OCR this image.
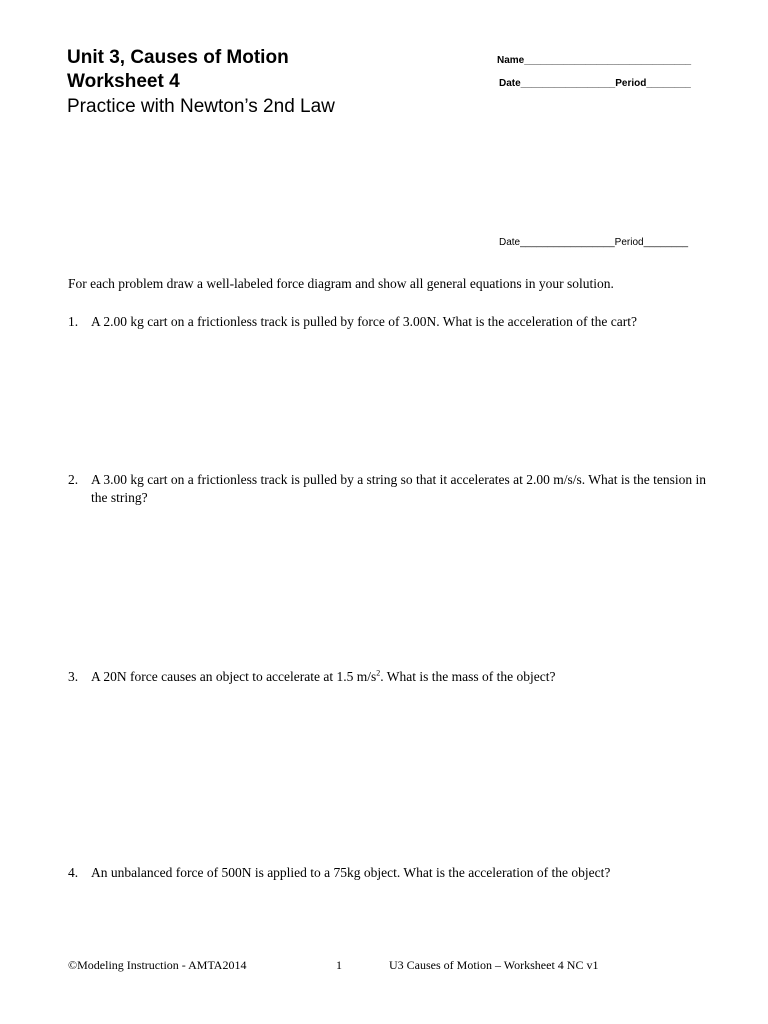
Unit 3, Causes of Motion
Worksheet 4
Practice with Newton’s 2nd Law
Name______________________________
Date_________________Period________
Date_________________Period________
For each problem draw a well-labeled force diagram and show all general equations in your solution.
1. A 2.00 kg cart on a frictionless track is pulled by force of 3.00N. What is the acceleration of the cart?
2. A 3.00 kg cart on a frictionless track is pulled by a string so that it accelerates at 2.00 m/s/s. What is the tension in the string?
3. A 20N force causes an object to accelerate at 1.5 $m/s^2$. What is the mass of the object?
4. An unbalanced force of 500N is applied to a 75kg object. What is the acceleration of the object?
©Modeling Instruction - AMTA2014	1	U3 Causes of Motion – Worksheet 4 NC v1
